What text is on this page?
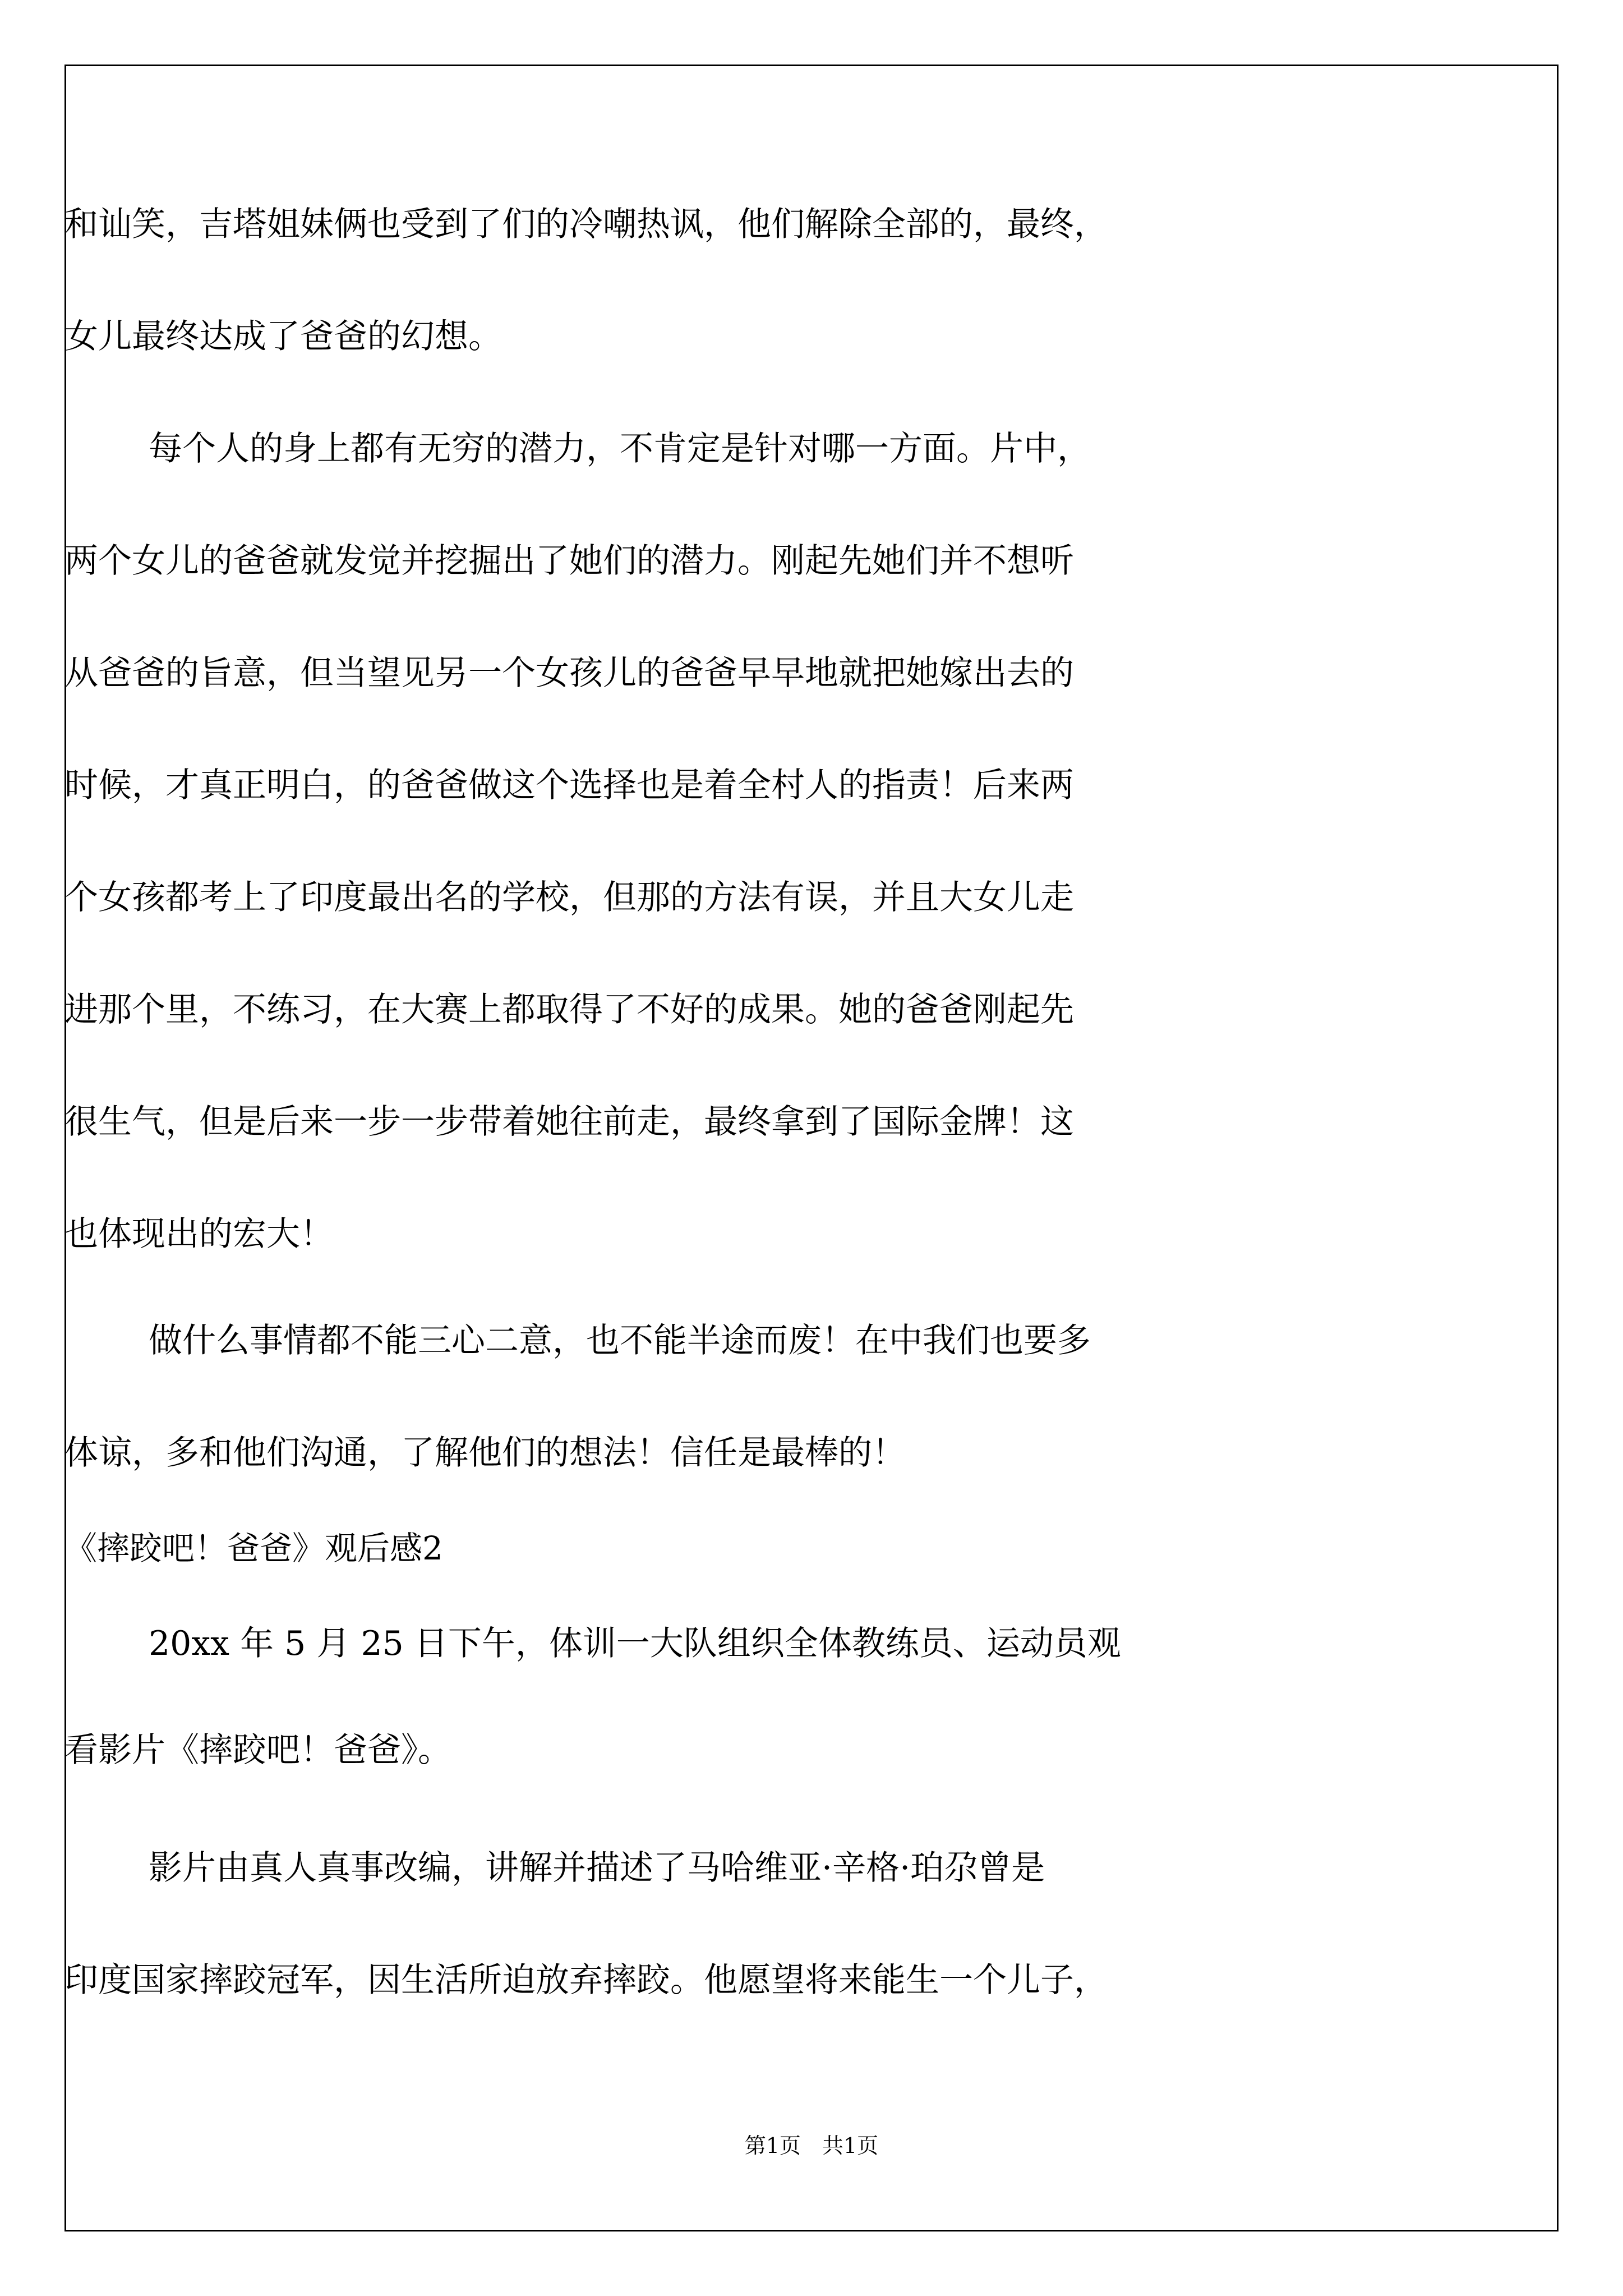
和讪笑，吉塔姐妹俩也受到了们的冷嘲热讽，他们解除全部的，最终，
女儿最终达成了爸爸的幻想。
每个人的身上都有无穷的潜力，不肯定是针对哪一方面。片中，
两个女儿的爸爸就发觉并挖掘出了她们的潜力。刚起先她们并不想听
从爸爸的旨意，但当望见另一个女孩儿的爸爸早早地就把她嫁出去的
时候，才真正明白，的爸爸做这个选择也是着全村人的指责！后来两
个女孩都考上了印度最出名的学校，但那的方法有误，并且大女儿走
进那个里，不练习，在大赛上都取得了不好的成果。她的爸爸刚起先
很生气，但是后来一步一步带着她往前走，最终拿到了国际金牌！这
也体现出的宏大！
做什么事情都不能三心二意，也不能半途而废！在中我们也要多
体谅，多和他们沟通，了解他们的想法！信任是最棒的！
《摔跤吧！爸爸》观后感2
20xx 年 5 月 25 日下午，体训一大队组织全体教练员、运动员观
看影片《摔跤吧！爸爸》。
影片由真人真事改编，讲解并描述了马哈维亚·辛格·珀尕曾是
印度国家摔跤冠军，因生活所迫放弃摔跤。他愿望将来能生一个儿子，
第1页　共1页
